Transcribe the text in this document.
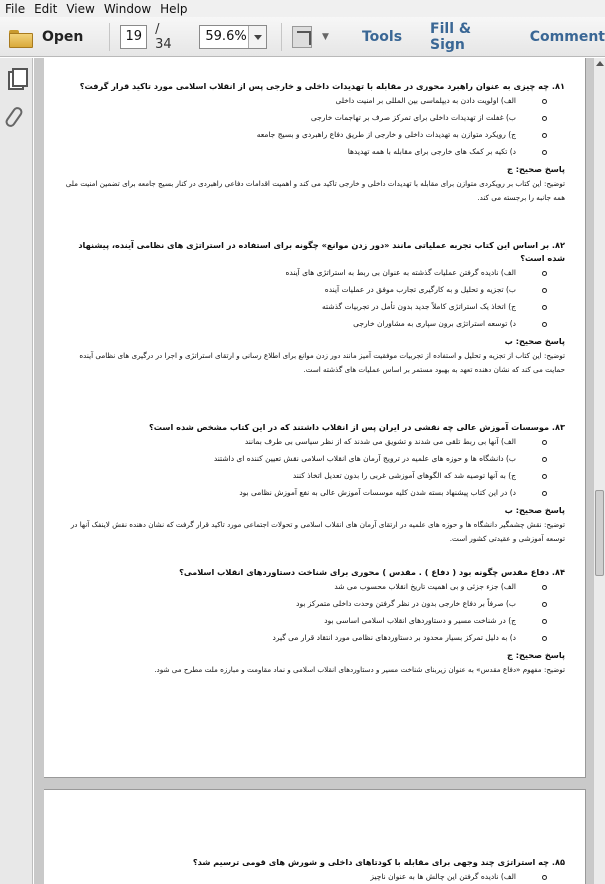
File Edit View Window Help
Open	19	/ 34
59.6%	▼ Tools Fill & Sign	Comment
۸۱. چه چیزی به عنوان راهبرد محوری در مقابله با تهدیدات داخلی و خارجی پس از انقلاب اسلامی مورد تاکید قرار گرفت؟
الف) اولویت دادن به دیپلماسی بین المللی بر امنیت داخلی
ب) غفلت از تهدیدات داخلی برای تمرکز صرف بر تهاجمات خارجی
ج) رویکرد متوازن به تهدیدات داخلی و خارجی از طریق دفاع راهبردی و بسیج جامعه
د) تکیه بر کمک های خارجی برای مقابله با همه تهدیدها
پاسخ صحیح: ج
توضیح: این کتاب بر رویکردی متوازن برای مقابله با تهدیدات داخلی و خارجی تاکید می کند و اهمیت اقدامات دفاعی راهبردی در کنار بسیج جامعه برای تضمین امنیت ملی همه جانبه را برجسته می کند.
۸۲. بر اساس این کتاب تجربه عملیاتی مانند «دور زدن موانع» چگونه برای استفاده در استراتژی های نظامی آینده، پیشنهاد شده است؟
الف) نادیده گرفتن عملیات گذشته به عنوان بی ربط به استراتژی های آینده
ب) تجزیه و تحلیل و به کارگیری تجارب موفق در عملیات آینده
ج) اتخاذ یک استراتژی کاملاً جدید بدون تأمل در تجربیات گذشته
د) توسعه استراتژی برون سپاری به مشاوران خارجی
پاسخ صحیح: ب
توضیح: این کتاب از تجزیه و تحلیل و استفاده از تجربیات موفقیت آمیز مانند دور زدن موانع برای اطلاع رسانی و ارتقای استراتژی و اجرا در درگیری های نظامی آینده حمایت می کند که نشان دهنده تعهد به بهبود مستمر بر اساس عملیات های گذشته است.
۸۳. موسسات آموزش عالی چه نقشی در ایران پس از انقلاب داشتند که در این کتاب مشخص شده است؟
الف) آنها بی ربط تلقی می شدند و تشویق می شدند که از نظر سیاسی بی طرف بمانند
ب) دانشگاه ها و حوزه های علمیه در ترویج آرمان های انقلاب اسلامی نقش تعیین کننده ای داشتند
ج) به آنها توصیه شد که الگوهای آموزشی غربی را بدون تعدیل اتخاذ کنند
د) در این کتاب پیشنهاد بسته شدن کلیه موسسات آموزش عالی به نفع آموزش نظامی بود
پاسخ صحیح: ب
توضیح: نقش چشمگیر دانشگاه ها و حوزه های علمیه در ارتقای آرمان های انقلاب اسلامی و تحولات اجتماعی مورد تاکید قرار گرفت که نشان دهنده نقش لاینفک آنها در توسعه آموزشی و عقیدتی کشور است.
۸۴. دفاع مقدس چگونه بود ( دفاع ) . مقدس ) محوری برای شناخت دستاوردهای انقلاب اسلامی؟
الف) جزء جزئی و بی اهمیت تاریخ انقلاب محسوب می شد
ب) صرفاً بر دفاع خارجی بدون در نظر گرفتن وحدت داخلی متمرکز بود
ج) در شناخت مسیر و دستاوردهای انقلاب اسلامی اساسی بود
د) به دلیل تمرکز بسیار محدود بر دستاوردهای نظامی مورد انتقاد قرار می گیرد
پاسخ صحیح: ج
توضیح: مفهوم «دفاع مقدس» به عنوان زیربنای شناخت مسیر و دستاوردهای انقلاب اسلامی و نماد مقاومت و مبارزه ملت مطرح می شود.
۸۵. چه استراتژی چند وجهی برای مقابله با کودتاهای داخلی و شورش های قومی ترسیم شد؟
الف) نادیده گرفتن این چالش ها به عنوان ناچیز
